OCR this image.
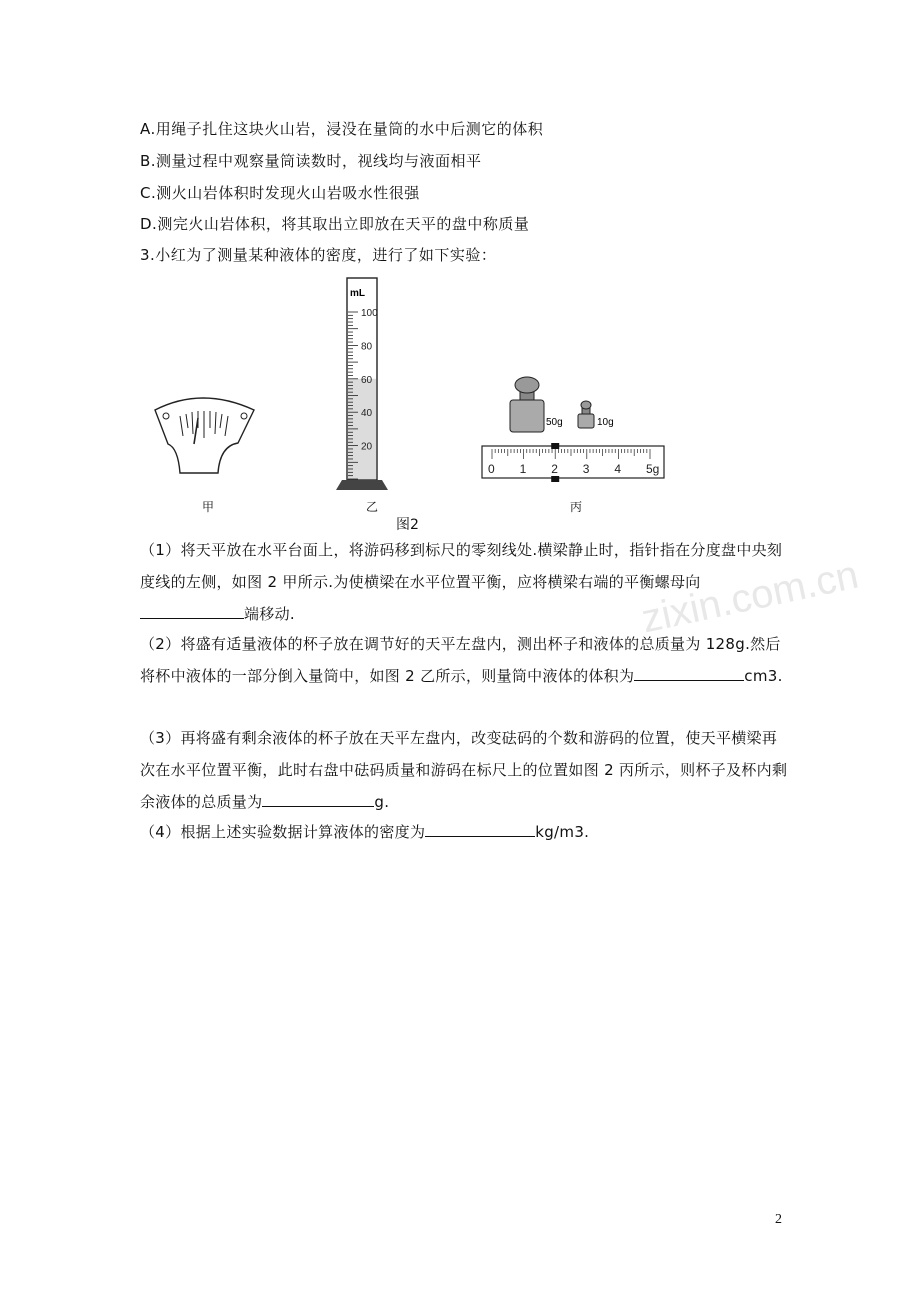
A.用绳子扎住这块火山岩，浸没在量筒的水中后测它的体积
B.测量过程中观察量筒读数时，视线均与液面相平
C.测火山岩体积时发现火山岩吸水性很强
D.测完火山岩体积，将其取出立即放在天平的盘中称质量
3.小红为了测量某种液体的密度，进行了如下实验：
mL
100
80
60
40
20
50g	10g
0 1 2 3 4 5g
甲	乙	丙
图2
zixin.com.cn
（1）将天平放在水平台面上，将游码移到标尺的零刻线处.横梁静止时，指针指在分度盘中央刻度线的左侧，如图 2 甲所示.为使横梁在水平位置平衡，应将横梁右端的平衡螺母向端移动.
（2）将盛有适量液体的杯子放在调节好的天平左盘内，测出杯子和液体的总质量为 128g.然后将杯中液体的一部分倒入量筒中，如图 2 乙所示，则量筒中液体的体积为	cm3.
（3）再将盛有剩余液体的杯子放在天平左盘内，改变砝码的个数和游码的位置，使天平横梁再次在水平位置平衡，此时右盘中砝码质量和游码在标尺上的位置如图 2 丙所示，则杯子及杯内剩余液体的总质量为	g.
（4）根据上述实验数据计算液体的密度为	kg/m3.
2
